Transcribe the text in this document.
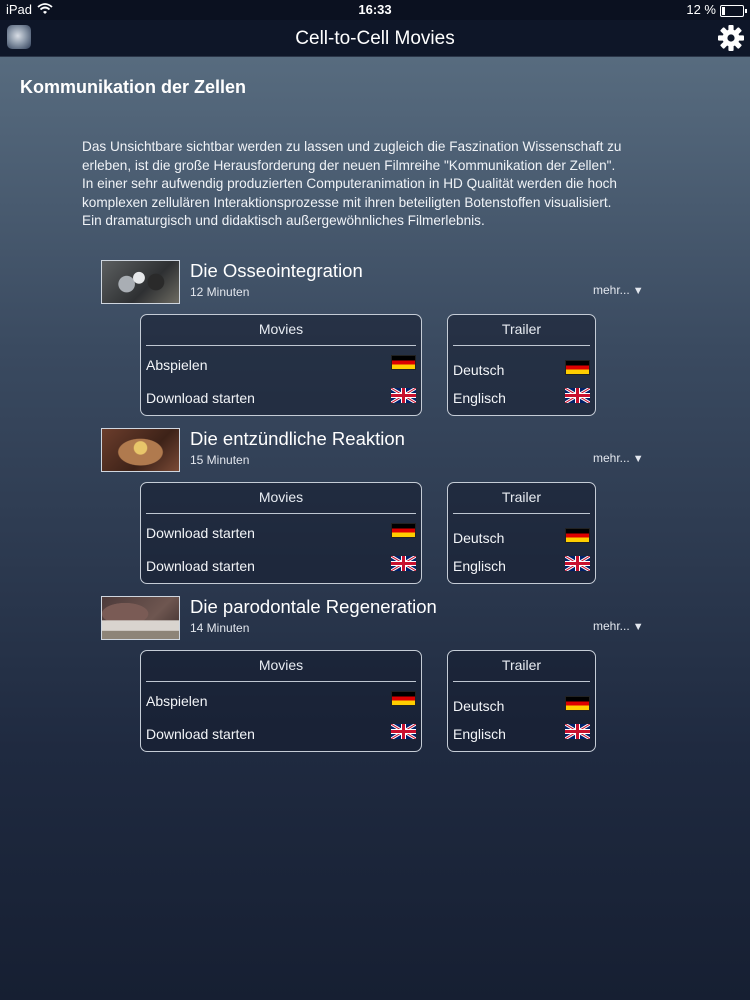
iPad	16:33	12 %
Cell-to-Cell Movies
Kommunikation der Zellen
Das Unsichtbare sichtbar werden zu lassen und zugleich die Faszination Wissenschaft zu
erleben, ist die große Herausforderung der neuen Filmreihe "Kommunikation der Zellen".
In einer sehr aufwendig produzierten Computeranimation in HD Qualität werden die hoch
komplexen zellulären Interaktionsprozesse mit ihren beteiligten Botenstoffen visualisiert.
Ein dramaturgisch und didaktisch außergewöhnliches Filmerlebnis.
Die Osseointegration
12 Minuten	mehr... ▼
Movies
Abspielen
Download starten
Trailer
Deutsch
Englisch
Die entzündliche Reaktion
15 Minuten	mehr... ▼
Movies
Download starten
Download starten
Trailer
Deutsch
Englisch
Die parodontale Regeneration
14 Minuten	mehr... ▼
Movies
Abspielen
Download starten
Trailer
Deutsch
Englisch
